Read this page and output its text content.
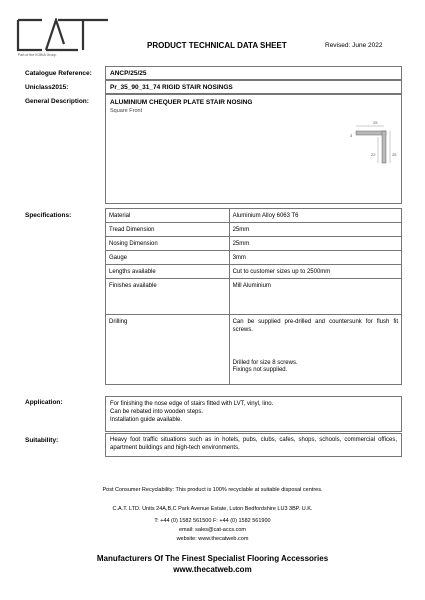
Part of the KOBIA Group
PRODUCT TECHNICAL DATA SHEET	Revised: June 2022
Catalogue Reference:	ANCP/25/25
Uniclass2015:	Pr_35_90_31_74 RIGID STAIR NOSINGS
General Description:	ALUMINIUM CHEQUER PLATE STAIR NOSING
Square Front
25
3
22	25
Specifications:	Material	Aluminium Alloy 6063 T6
Tread Dimension	25mm
Nosing Dimension	25mm
Gauge	3mm
Lengths available	Cut to customer sizes up to 2500mm
Finishes available	Mill Aluminium
Drilling	Can be supplied pre-drilled and countersunk for flush fit screws.
Drilled for size 8 screws.
Fixings not supplied.
Application:	For finishing the nose edge of stairs fitted with LVT, vinyl, lino.
Can be rebated into wooden steps.
Installation guide available.
Suitability:	Heavy foot traffic situations such as in hotels, pubs, clubs, cafes, shops, schools, commercial offices, apartment buildings and high-tech environments.
Post Consumer Recyclability: This product is 100% recyclable at suitable disposal centres.
C.A.T. LTD. Units 24A,B,C Park Avenue Estate, Luton Bedfordshire LU3 3BP. U.K.
T: +44 (0) 1582 561500 F: +44 (0) 1582 561900
email: sales@cat-accs.com
website: www.thecatweb.com
Manufacturers Of The Finest Specialist Flooring Accessories
www.thecatweb.com
